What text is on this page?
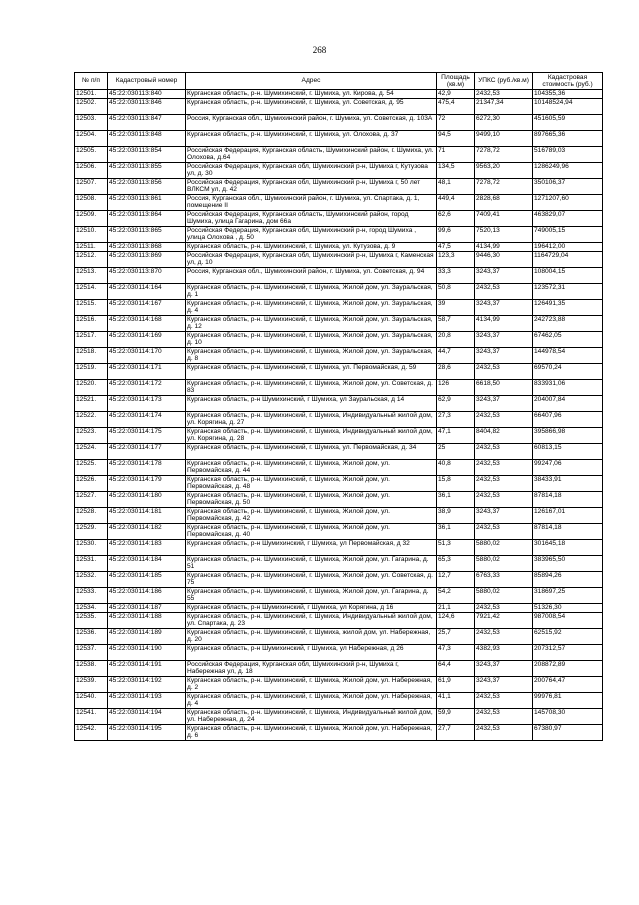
268
№ п/п	Кадастровый номер	Адрес	Площадь (кв.м)	УПКС (руб./кв.м)	Кадастровая стоимость (руб.)
12501.	45:22:030113:840	Курганская область, р-н. Шумихинский, г. Шумиха, ул. Кирова, д. 54	42,9	2432,53	104355,36
12502.	45:22:030113:846	Курганская область, р-н. Шумихинский, г. Шумиха, ул. Советская, д. 95	475,4	21347,34	10148524,94
12503.	45:22:030113:847	Россия, Курганская обл., Шумихинский район, г. Шумиха, ул. Советская, д. 103А	72	6272,30	451605,59
12504.	45:22:030113:848	Курганская область, р-н. Шумихинский, г. Шумиха, ул. Олохова, д. 37	94,5	9499,10	897665,36
12505.	45:22:030113:854	Российская Федерация, Курганская область, Шумихинский район, г. Шумиха, ул. Олохова, д.64	71	7278,72	516789,03
12506.	45:22:030113:855	Российская Федерация, Курганская обл, Шумихинский р-н, Шумиха г, Кутузова ул, д. 30	134,5	9563,20	1286249,96
12507.	45:22:030113:856	Российская Федерация, Курганская обл, Шумихинский р-н, Шумиха г, 50 лет ВЛКСМ ул, д. 42	48,1	7278,72	350106,37
12508.	45:22:030113:861	Россия, Курганская обл., Шумихинский район, г. Шумиха, ул. Спартака, д. 1, помещение II	449,4	2828,68	1271207,60
12509.	45:22:030113:864	Российская Федерация, Курганская область, Шумихинский район, город Шумиха, улица Гагарина, дом 66а	62,6	7409,41	463829,07
12510.	45:22:030113:865	Российская Федерация, Курганская обл, Шумихинский р-н, город Шумиха , улица Олохова , д. 50	99,6	7520,13	749005,15
12511.	45:22:030113:868	Курганская область, р-н. Шумихинский, г. Шумиха, ул. Кутузова, д. 9	47,5	4134,99	196412,00
12512.	45:22:030113:869	Российская Федерация, Курганская обл, Шумихинский р-н, Шумиха г, Каменская ул, д. 10	123,3	9446,30	1164729,04
12513.	45:22:030113:870	Россия, Курганская обл., Шумихинский район, г. Шумиха, ул. Советская, д. 94	33,3	3243,37	108004,15
12514.	45:22:030114:164	Курганская область, р-н. Шумихинский, г. Шумиха, Жилой дом, ул. Зауральская, д. 1	50,8	2432,53	123572,31
12515.	45:22:030114:167	Курганская область, р-н. Шумихинский, г. Шумиха, Жилой дом, ул. Зауральская, д. 4	39	3243,37	126491,35
12516.	45:22:030114:168	Курганская область, р-н. Шумихинский, г. Шумиха, Жилой дом, ул. Зауральская, д. 12	58,7	4134,99	242723,88
12517.	45:22:030114:169	Курганская область, р-н. Шумихинский, г. Шумиха, Жилой дом, ул. Зауральская, д. 10	20,8	3243,37	67462,05
12518.	45:22:030114:170	Курганская область, р-н. Шумихинский, г. Шумиха, Жилой дом, ул. Зауральская, д. 8	44,7	3243,37	144978,54
12519.	45:22:030114:171	Курганская область, р-н. Шумихинский, г. Шумиха, ул. Первомайская, д. 59	28,6	2432,53	69570,24
12520.	45:22:030114:172	Курганская область, р-н. Шумихинский, г. Шумиха, Жилой дом, ул. Советская, д. 83	126	6618,50	833931,06
12521.	45:22:030114:173	Курганская область, р-н Шумихинский, г Шумиха, ул Зауральская, д 14	62,9	3243,37	204007,84
12522.	45:22:030114:174	Курганская область, р-н. Шумихинский, г. Шумиха, Индивидуальный жилой дом, ул. Корягина, д. 27	27,3	2432,53	66407,96
12523.	45:22:030114:175	Курганская область, р-н. Шумихинский, г. Шумиха, Индивидуальный жилой дом, ул. Корягина, д. 28	47,1	8404,82	395866,98
12524.	45:22:030114:177	Курганская область, р-н. Шумихинский, г. Шумиха, ул. Первомайская, д. 34	25	2432,53	60813,15
12525.	45:22:030114:178	Курганская область, р-н. Шумихинский, г. Шумиха, Жилой дом, ул. Первомайская, д. 44	40,8	2432,53	99247,06
12526.	45:22:030114:179	Курганская область, р-н. Шумихинский, г. Шумиха, Жилой дом, ул. Первомайская, д. 48	15,8	2432,53	38433,91
12527.	45:22:030114:180	Курганская область, р-н. Шумихинский, г. Шумиха, Жилой дом, ул. Первомайская, д. 50	36,1	2432,53	87814,18
12528.	45:22:030114:181	Курганская область, р-н. Шумихинский, г. Шумиха, Жилой дом, ул. Первомайская, д. 42	38,9	3243,37	126167,01
12529.	45:22:030114:182	Курганская область, р-н. Шумихинский, г. Шумиха, Жилой дом, ул. Первомайская, д. 40	36,1	2432,53	87814,18
12530.	45:22:030114:183	Курганская область, р-н Шумихинский, г Шумиха, ул Первомайская, д 32	51,3	5880,02	301645,18
12531.	45:22:030114:184	Курганская область, р-н. Шумихинский, г. Шумиха, Жилой дом, ул. Гагарина, д. 51	65,3	5880,02	383965,50
12532.	45:22:030114:185	Курганская область, р-н. Шумихинский, г. Шумиха, Жилой дом, ул. Советская, д. 75	12,7	6763,33	85894,26
12533.	45:22:030114:186	Курганская область, р-н. Шумихинский, г. Шумиха, Жилой дом, ул. Гагарина, д. 55	54,2	5880,02	318697,25
12534.	45:22:030114:187	Курганская область, р-н Шумихинский, г Шумиха, ул Корягина, д 16	21,1	2432,53	51326,30
12535.	45:22:030114:188	Курганская область, р-н. Шумихинский, г. Шумиха, Индивидуальный жилой дом, ул. Спартака, д. 23	124,6	7921,42	987008,54
12536.	45:22:030114:189	Курганская область, р-н. Шумихинский, г. Шумиха, жилой дом, ул. Набережная, д. 20	25,7	2432,53	62515,92
12537.	45:22:030114:190	Курганская область, р-н Шумихинский, г Шумиха, ул Набережная, д 26	47,3	4382,93	207312,57
12538.	45:22:030114:191	Российская Федерация, Курганская обл, Шумихинский р-н, Шумиха г, Набережная ул, д. 18	64,4	3243,37	208872,89
12539.	45:22:030114:192	Курганская область, р-н. Шумихинский, г. Шумиха, Жилой дом, ул. Набережная, д. 2	61,9	3243,37	200764,47
12540.	45:22:030114:193	Курганская область, р-н. Шумихинский, г. Шумиха, Жилой дом, ул. Набережная, д. 4	41,1	2432,53	99976,81
12541.	45:22:030114:194	Курганская область, р-н. Шумихинский, г. Шумиха, Индивидуальный жилой дом, ул. Набережная, д. 24	59,9	2432,53	145708,30
12542.	45:22:030114:195	Курганская область, р-н. Шумихинский, г. Шумиха, Жилой дом, ул. Набережная, д. 6	27,7	2432,53	67380,97
